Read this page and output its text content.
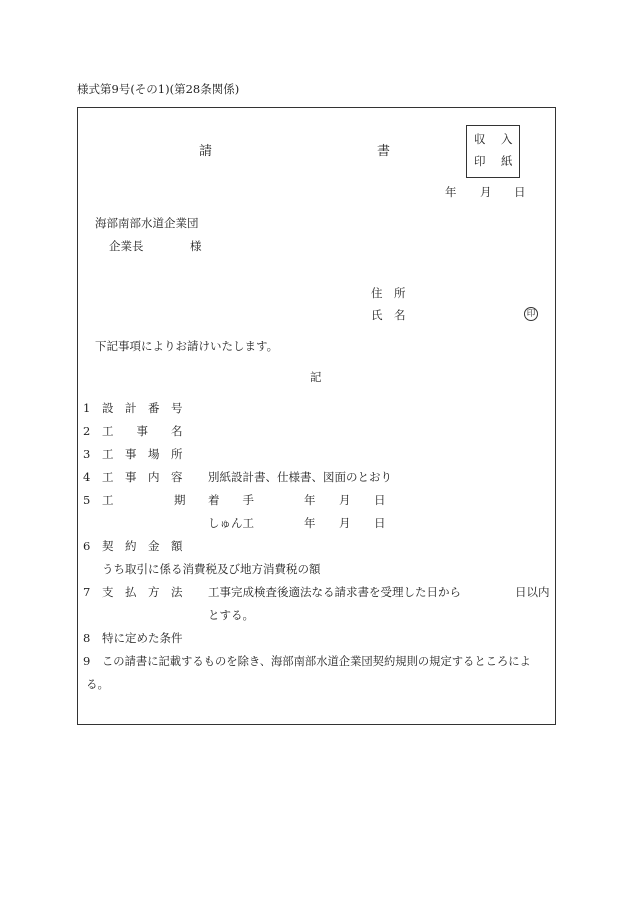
様式第9号(その1)(第28条関係)
請	書
収 入
印 紙
年 月 日
海部南部水道企業団
企業長	様
住　所
氏　名	印
下記事項によりお請けいたします。
記
1 設　計　番　号
2 工　　事　　名
3 工　事　場　所
4 工　事　内　容 別紙設計書、仕様書、図面のとおり
5 工	期 着　　手	年 月 日
しゅん工	年 月 日
6 契　約　金　額
うち取引に係る消費税及び地方消費税の額
7 支　払　方　法 工事完成検査後適法なる請求書を受理した日から	日以内
とする。
8 特に定めた条件
9 この請書に記載するものを除き、海部南部水道企業団契約規則の規定するところによ
る。
